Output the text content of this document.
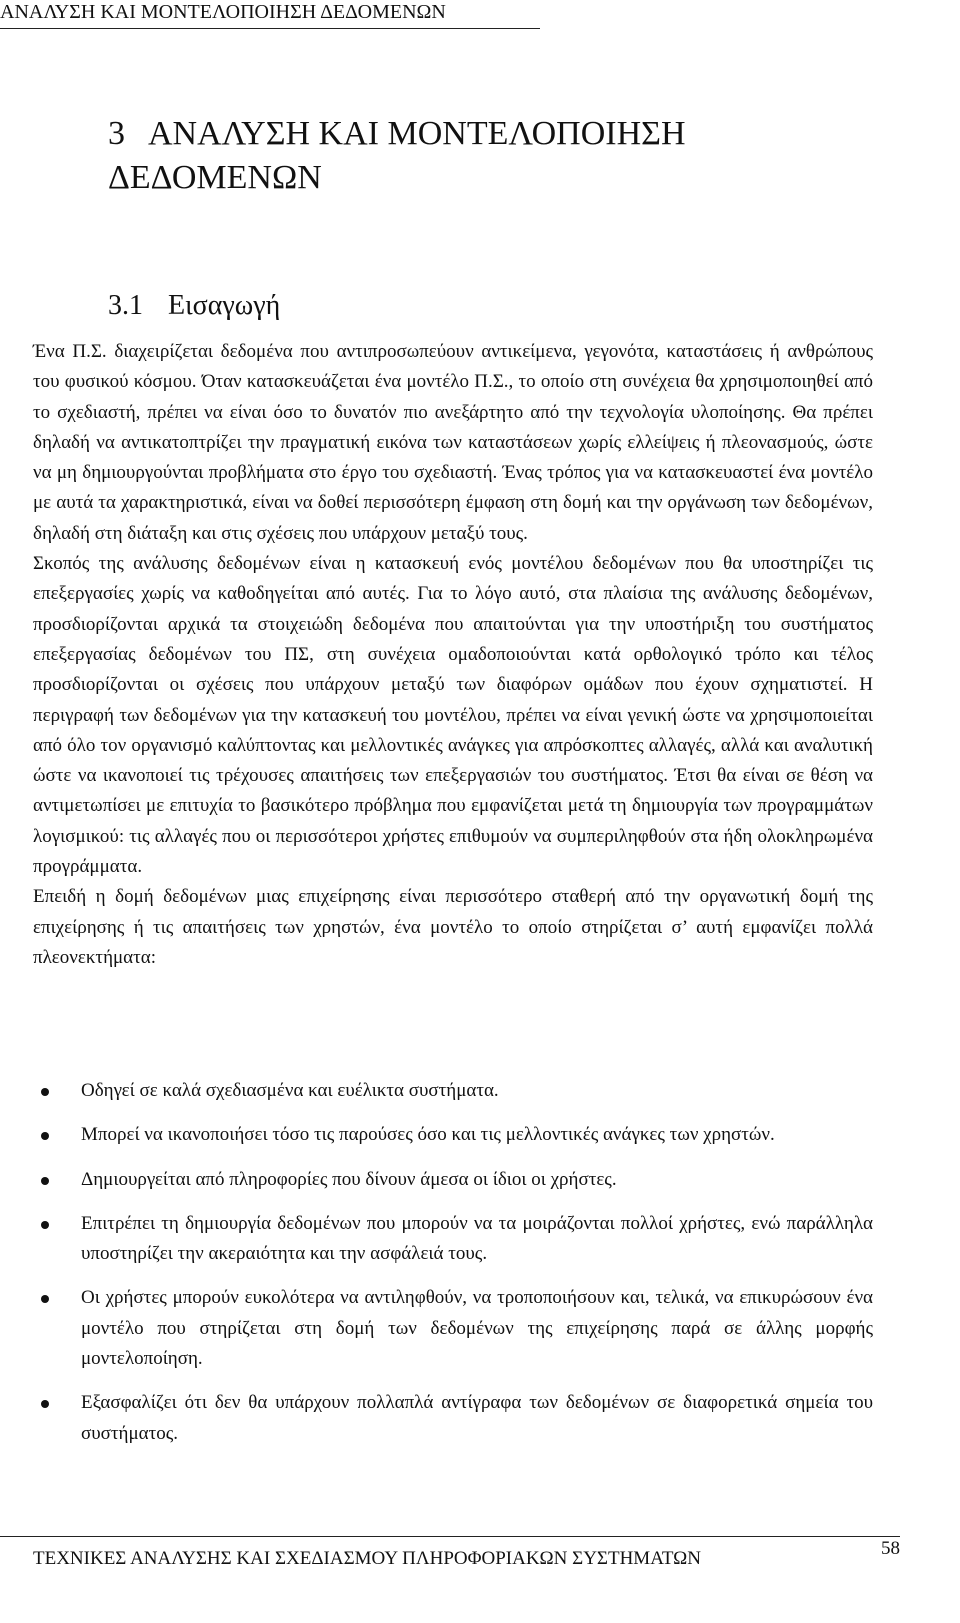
ΑΝΑΛΥΣΗ ΚΑΙ ΜΟΝΤΕΛΟΠΟΙΗΣΗ ΔΕΔΟΜΕΝΩΝ
3 ΑΝΑΛΥΣΗ ΚΑΙ ΜΟΝΤΕΛΟΠΟΙΗΣΗ
ΔΕΔΟΜΕΝΩΝ
3.1 Εισαγωγή

Ένα Π.Σ. διαχειρίζεται δεδομένα που αντιπροσωπεύουν αντικείμενα, γεγονότα, καταστάσεις ή ανθρώπους του φυσικού κόσμου. Όταν κατασκευάζεται ένα μοντέλο Π.Σ., το οποίο στη συνέχεια θα χρησιμοποιηθεί από το σχεδιαστή, πρέπει να είναι όσο το δυνατόν πιο ανεξάρτητο από την τεχνολογία υλοποίησης. Θα πρέπει δηλαδή να αντικατοπτρίζει την πραγματική εικόνα των καταστάσεων χωρίς ελλείψεις ή πλεονασμούς, ώστε να μη δημιουργούνται προβλήματα στο έργο του σχεδιαστή. Ένας τρόπος για να κατασκευαστεί ένα μοντέλο με αυτά τα χαρακτηριστικά, είναι να δοθεί περισσότερη έμφαση στη δομή και την οργάνωση των δεδομένων, δηλαδή στη διάταξη και στις σχέσεις που υπάρχουν μεταξύ τους.

Σκοπός της ανάλυσης δεδομένων είναι η κατασκευή ενός μοντέλου δεδομένων που θα υποστηρίζει τις επεξεργασίες χωρίς να καθοδηγείται από αυτές. Για το λόγο αυτό, στα πλαίσια της ανάλυσης δεδομένων, προσδιορίζονται αρχικά τα στοιχειώδη δεδομένα που απαιτούνται για την υποστήριξη του συστήματος επεξεργασίας δεδομένων του ΠΣ, στη συνέχεια ομαδοποιούνται κατά ορθολογικό τρόπο και τέλος προσδιορίζονται οι σχέσεις που υπάρχουν μεταξύ των διαφόρων ομάδων που έχουν σχηματιστεί. Η περιγραφή των δεδομένων για την κατασκευή του μοντέλου, πρέπει να είναι γενική ώστε να χρησιμοποιείται από όλο τον οργανισμό καλύπτοντας και μελλοντικές ανάγκες για απρόσκοπτες αλλαγές, αλλά και αναλυτική ώστε να ικανοποιεί τις τρέχουσες απαιτήσεις των επεξεργασιών του συστήματος. Έτσι θα είναι σε θέση να αντιμετωπίσει με επιτυχία το βασικότερο πρόβλημα που εμφανίζεται μετά τη δημιουργία των προγραμμάτων λογισμικού: τις αλλαγές που οι περισσότεροι χρήστες επιθυμούν να συμπεριληφθούν στα ήδη ολοκληρωμένα προγράμματα.

Επειδή η δομή δεδομένων μιας επιχείρησης είναι περισσότερο σταθερή από την οργανωτική δομή της επιχείρησης ή τις απαιτήσεις των χρηστών, ένα μοντέλο το οποίο στηρίζεται σ’ αυτή εμφανίζει πολλά πλεονεκτήματα:

Οδηγεί σε καλά σχεδιασμένα και ευέλικτα συστήματα.
Μπορεί να ικανοποιήσει τόσο τις παρούσες όσο και τις μελλοντικές ανάγκες των χρηστών.
Δημιουργείται από πληροφορίες που δίνουν άμεσα οι ίδιοι οι χρήστες.
Επιτρέπει τη δημιουργία δεδομένων που μπορούν να τα μοιράζονται πολλοί χρήστες, ενώ παράλληλα υποστηρίζει την ακεραιότητα και την ασφάλειά τους.
Οι χρήστες μπορούν ευκολότερα να αντιληφθούν, να τροποποιήσουν και, τελικά, να επικυρώσουν ένα μοντέλο που στηρίζεται στη δομή των δεδομένων της επιχείρησης παρά σε άλλης μορφής μοντελοποίηση.
Εξασφαλίζει ότι δεν θα υπάρχουν πολλαπλά αντίγραφα των δεδομένων σε διαφορετικά σημεία του συστήματος.
ΤΕΧΝΙΚΕΣ ΑΝΑΛΥΣΗΣ ΚΑΙ ΣΧΕΔΙΑΣΜΟΥ ΠΛΗΡΟΦΟΡΙΑΚΩΝ ΣΥΣΤΗΜΑΤΩΝ	58
